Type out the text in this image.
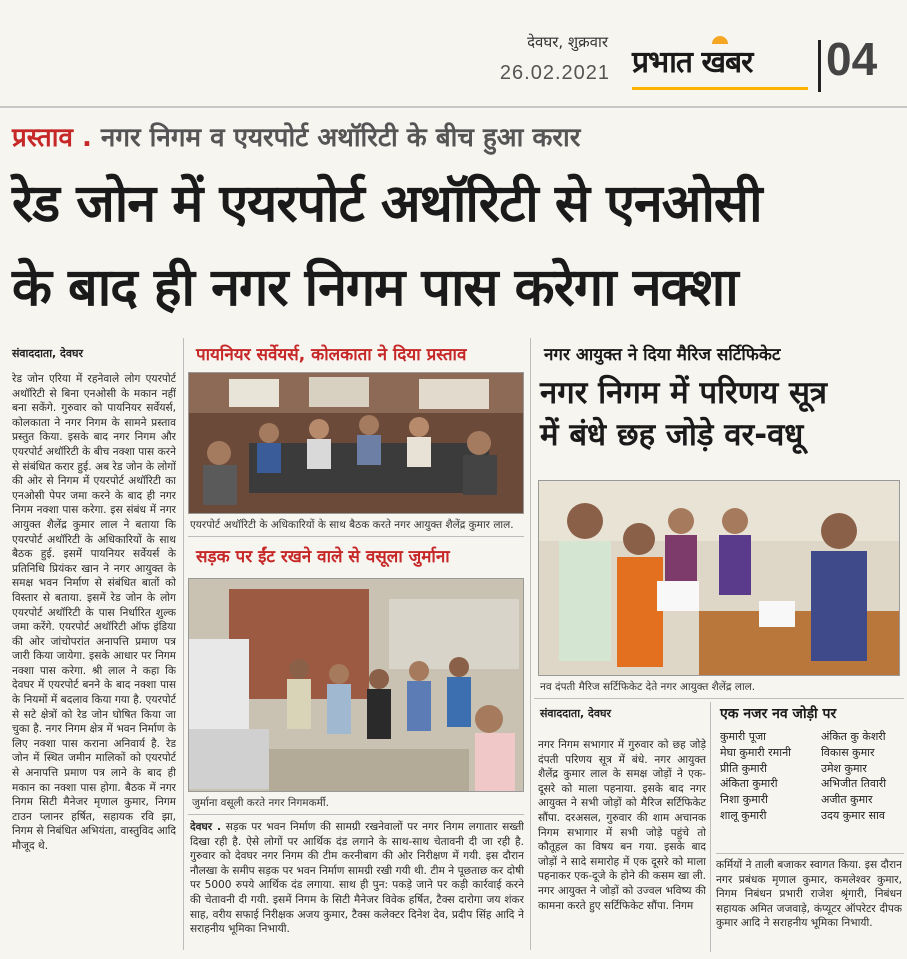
देवघर, शुक्रवार
26.02.2021 प्रभात खबर	04
प्रस्ताव . नगर निगम व एयरपोर्ट अथॉरिटी के बीच हुआ करार
रेड जोन में एयरपोर्ट अथॉरिटी से एनओसी
के बाद ही नगर निगम पास करेगा नक्शा
संवाददाता, देवघर
रेड जोन एरिया में रहनेवाले लोग एयरपोर्ट अथॉरिटी से बिना एनओसी के मकान नहीं बना सकेंगे. गुरुवार को पायनियर सर्वेयर्स, कोलकाता ने नगर निगम के सामने प्रस्ताव प्रस्तुत किया. इसके बाद नगर निगम और एयरपोर्ट अथॉरिटी के बीच नक्शा पास करने से संबंधित करार हुई. अब रेड जोन के लोगों की ओर से निगम में एयरपोर्ट अथॉरिटी का एनओसी पेपर जमा करने के बाद ही नगर निगम नक्शा पास करेगा. इस संबंध में नगर आयुक्त शैलेंद्र कुमार लाल ने बताया कि एयरपोर्ट अथॉरिटी के अधिकारियों के साथ बैठक हुई. इसमें पायनियर सर्वेयर्स के प्रतिनिधि प्रियंकर खान ने नगर आयुक्त के समक्ष भवन निर्माण से संबंधित बातों को विस्तार से बताया. इसमें रेड जोन के लोग एयरपोर्ट अथॉरिटी के पास निर्धारित शुल्क जमा करेंगे. एयरपोर्ट अथॉरिटी ऑफ इंडिया की ओर जांचोपरांत अनापत्ति प्रमाण पत्र जारी किया जायेगा. इसके आधार पर निगम नक्शा पास करेगा. श्री लाल ने कहा कि देवघर में एयरपोर्ट बनने के बाद नक्शा पास के नियमों में बदलाव किया गया है. एयरपोर्ट से सटे क्षेत्रों को रेड जोन घोषित किया जा चुका है. नगर निगम क्षेत्र में भवन निर्माण के लिए नक्शा पास कराना अनिवार्य है. रेड जोन में स्थित जमीन मालिकों को एयरपोर्ट से अनापत्ति प्रमाण पत्र लाने के बाद ही मकान का नक्शा पास होगा. बैठक में नगर निगम सिटी मैनेजर मृणाल कुमार, निगम टाउन प्लानर हर्षित, सहायक रवि झा, निगम से निबंधित अभियंता, वास्तुविद आदि मौजूद थे.
पायनियर सर्वेयर्स, कोलकाता ने दिया प्रस्ताव
एयरपोर्ट अथॉरिटी के अधिकारियों के साथ बैठक करते नगर आयुक्त शैलेंद्र कुमार लाल.
सड़क पर ईंट रखने वाले से वसूला जुर्माना
जुर्माना वसूली करते नगर निगमकर्मी.
देवघर . सड़क पर भवन निर्माण की सामग्री रखनेवालों पर नगर निगम लगातार सख्ती दिखा रही है. ऐसे लोगों पर आर्थिक दंड लगाने के साथ-साथ चेतावनी दी जा रही है. गुरुवार को देवघर नगर निगम की टीम करनीबाग की ओर निरीक्षण में गयी. इस दौरान नौलखा के समीप सड़क पर भवन निर्माण सामग्री रखी गयी थी. टीम ने पूछताछ कर दोषी पर 5000 रुपये आर्थिक दंड लगाया. साथ ही पुन: पकड़े जाने पर कड़ी कार्रवाई करने की चेतावनी दी गयी. इसमें निगम के सिटी मैनेजर विवेक हर्षित, टैक्स दारोगा जय शंकर साह, वरीय सफाई निरीक्षक अजय कुमार, टैक्स कलेक्टर दिनेश देव, प्रदीप सिंह आदि ने सराहनीय भूमिका निभायी.
नगर आयुक्त ने दिया मैरिज सर्टिफिकेट
नगर निगम में परिणय सूत्र
में बंधे छह जोड़े वर-वधू
नव दंपती मैरिज सर्टिफिकेट देते नगर आयुक्त शैलेंद्र लाल.
संवाददाता, देवघर
नगर निगम सभागार में गुरुवार को छह जोड़े दंपती परिणय सूत्र में बंधे. नगर आयुक्त शैलेंद्र कुमार लाल के समक्ष जोड़ों ने एक-दूसरे को माला पहनाया. इसके बाद नगर आयुक्त ने सभी जोड़ों को मैरिज सर्टिफिकेट सौंपा. दरअसल, गुरुवार की शाम अचानक निगम सभागार में सभी जोड़े पहुंचे तो कौतूहल का विषय बन गया. इसके बाद जोड़ों ने सादे समारोह में एक दूसरे को माला पहनाकर एक-दूजे के होने की कसम खा ली. नगर आयुक्त ने जोड़ों को उज्वल भविष्य की कामना करते हुए सर्टिफिकेट सौंपा. निगम
एक नजर नव जोड़ी पर
कुमारी पूजा
मेघा कुमारी रमानी
प्रीति कुमारी
अंकिता कुमारी
निशा कुमारी
शालू कुमारी
अंकित कु केशरी
विकास कुमार
उमेश कुमार
अभिजीत तिवारी
अजीत कुमार
उदय कुमार साव
कर्मियों ने ताली बजाकर स्वागत किया. इस दौरान नगर प्रबंधक मृणाल कुमार, कमलेश्वर कुमार, निगम निबंधन प्रभारी राजेश श्रृंगारी, निबंधन सहायक अमित जजवाड़े, कंप्यूटर ऑपरेटर दीपक कुमार आदि ने सराहनीय भूमिका निभायी.
